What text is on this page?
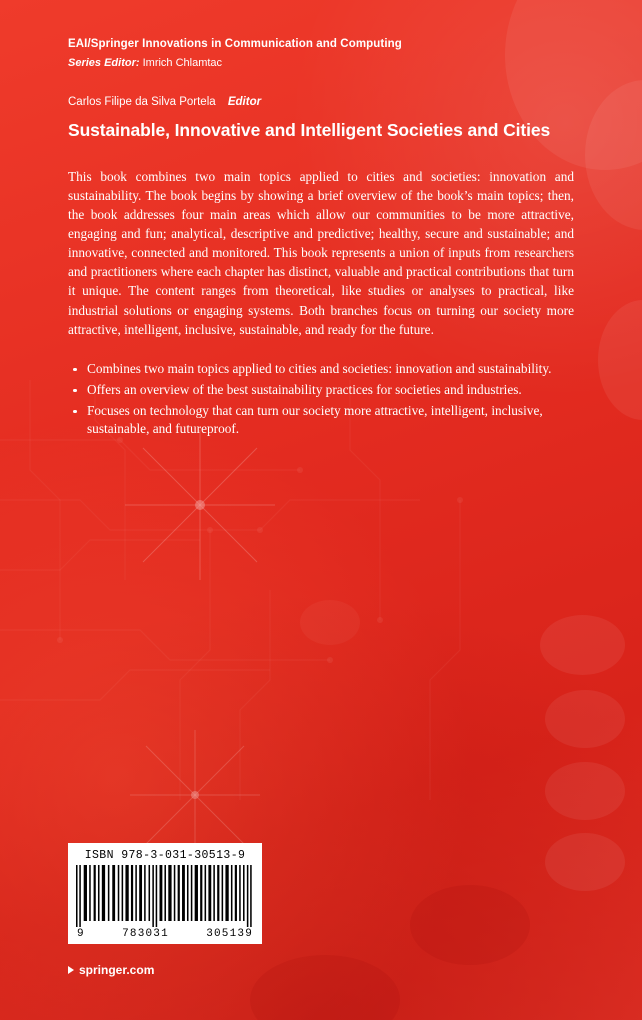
EAI/Springer Innovations in Communication and Computing
Series Editor: Imrich Chlamtac
Carlos Filipe da Silva Portela Editor
Sustainable, Innovative and Intelligent Societies and Cities
This book combines two main topics applied to cities and societies: innovation and sustainability. The book begins by showing a brief overview of the book’s main topics; then, the book addresses four main areas which allow our communities to be more attractive, engaging and fun; analytical, descriptive and predictive; healthy, secure and sustainable; and innovative, connected and monitored. This book represents a union of inputs from researchers and practitioners where each chapter has distinct, valuable and practical contributions that turn it unique. The content ranges from theoretical, like studies or analyses to practical, like industrial solutions or engaging systems. Both branches focus on turning our society more attractive, intelligent, inclusive, sustainable, and ready for the future.
Combines two main topics applied to cities and societies: innovation and sustainability.
Offers an overview of the best sustainability practices for societies and industries.
Focuses on technology that can turn our society more attractive, intelligent, inclusive, sustainable, and futureproof.
ISBN 978-3-031-30513-9
9	783031	305139
springer.com
